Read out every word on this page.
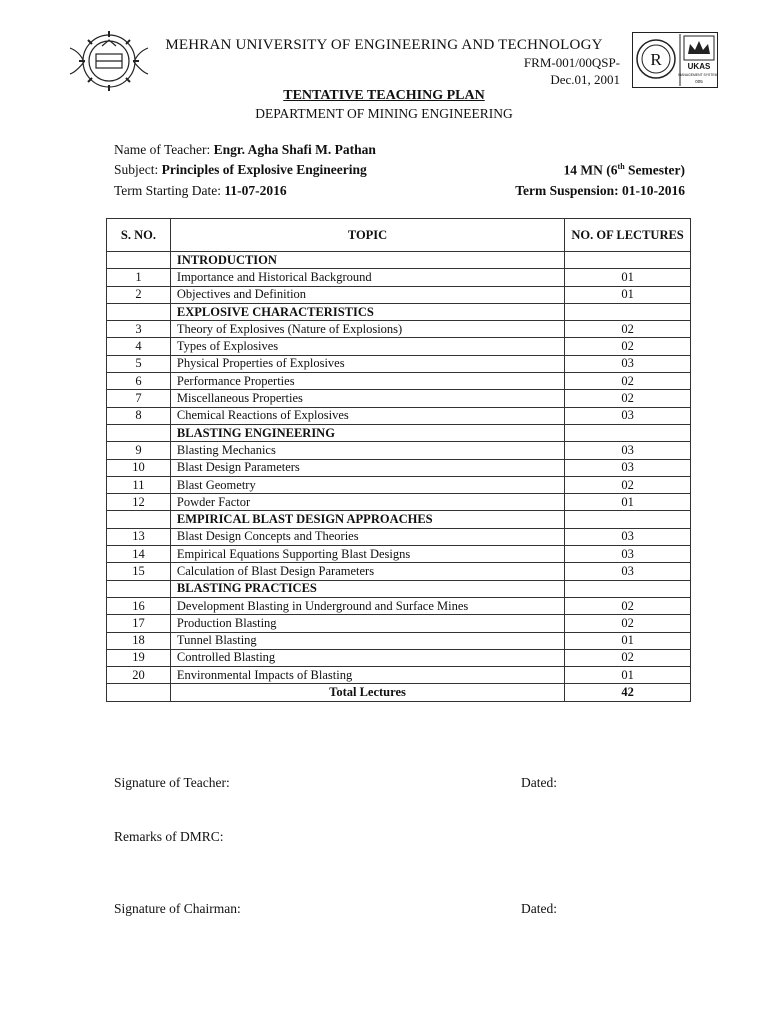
R	UKAS
MANAGEMENT SYSTEMS
005
MEHRAN UNIVERSITY OF ENGINEERING AND TECHNOLOGY
FRM-001/00QSP-
Dec.01, 2001
TENTATIVE TEACHING PLAN
DEPARTMENT OF MINING ENGINEERING
Name of Teacher: Engr. Agha Shafi M. Pathan
Subject: Principles of Explosive Engineering	14 MN (6th Semester)
Term Starting Date: 11-07-2016	Term Suspension: 01-10-2016
S. NO.	TOPIC	NO. OF LECTURES
	INTRODUCTION	
1	Importance and Historical Background	01
2	Objectives and Definition	01
	EXPLOSIVE CHARACTERISTICS	
3	Theory of Explosives (Nature of Explosions)	02
4	Types of Explosives	02
5	Physical Properties of Explosives	03
6	Performance Properties	02
7	Miscellaneous Properties	02
8	Chemical Reactions of Explosives	03
	BLASTING ENGINEERING	
9	Blasting Mechanics	03
10	Blast Design Parameters	03
11	Blast Geometry	02
12	Powder Factor	01
	EMPIRICAL BLAST DESIGN APPROACHES	
13	Blast Design Concepts and Theories	03
14	Empirical Equations Supporting Blast Designs	03
15	Calculation of Blast Design Parameters	03
	BLASTING PRACTICES	
16	Development Blasting in Underground and Surface Mines	02
17	Production Blasting	02
18	Tunnel Blasting	01
19	Controlled Blasting	02
20	Environmental Impacts of Blasting	01
	Total Lectures	42
Signature of Teacher:	Dated:
Remarks of DMRC:
Signature of Chairman:	Dated:
